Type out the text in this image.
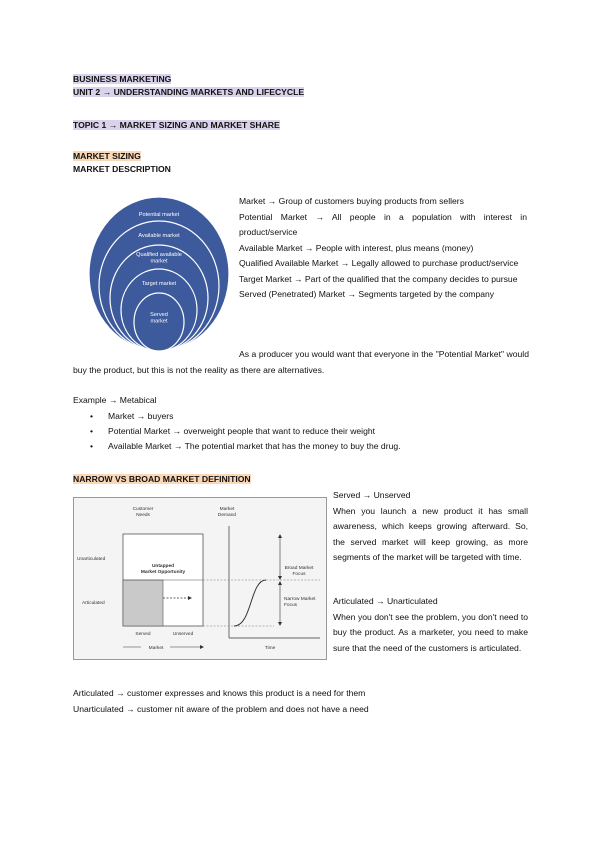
BUSINESS MARKETING
UNIT 2 → UNDERSTANDING MARKETS AND LIFECYCLE
TOPIC 1 → MARKET SIZING AND MARKET SHARE
MARKET SIZING
MARKET DESCRIPTION
Potential market
Available market
Qualified available market
Target market
Served market
Market → Group of customers buying products from sellers
Potential Market → All people in a population with interest in product/service
Available Market → People with interest, plus means (money)
Qualified Available Market → Legally allowed to purchase product/service
Target Market → Part of the qualified that the company decides to pursue
Served (Penetrated) Market → Segments targeted by the company
As a producer you would want that everyone in the "Potential Market" would buy the product, but this is not the reality as there are alternatives.
Example → Metabical
• Market → buyers
• Potential Market → overweight people that want to reduce their weight
• Available Market → The potential market that has the money to buy the drug.
NARROW VS BROAD MARKET DEFINITION
Customer Needs
Market Demand
Unarticulated
Articulated
Untapped Market Opportunity
Served	Unserved
Market
Broad Market Focus
Narrow Market Focus
Time
Served → Unserved
When you launch a new product it has small awareness, which keeps growing afterward. So, the served market will keep growing, as more segments of the market will be targeted with time.
Articulated → Unarticulated
When you don't see the problem, you don't need to buy the product. As a marketer, you need to make sure that the need of the customers is articulated.
Articulated → customer expresses and knows this product is a need for them
Unarticulated → customer nit aware of the problem and does not have a need
